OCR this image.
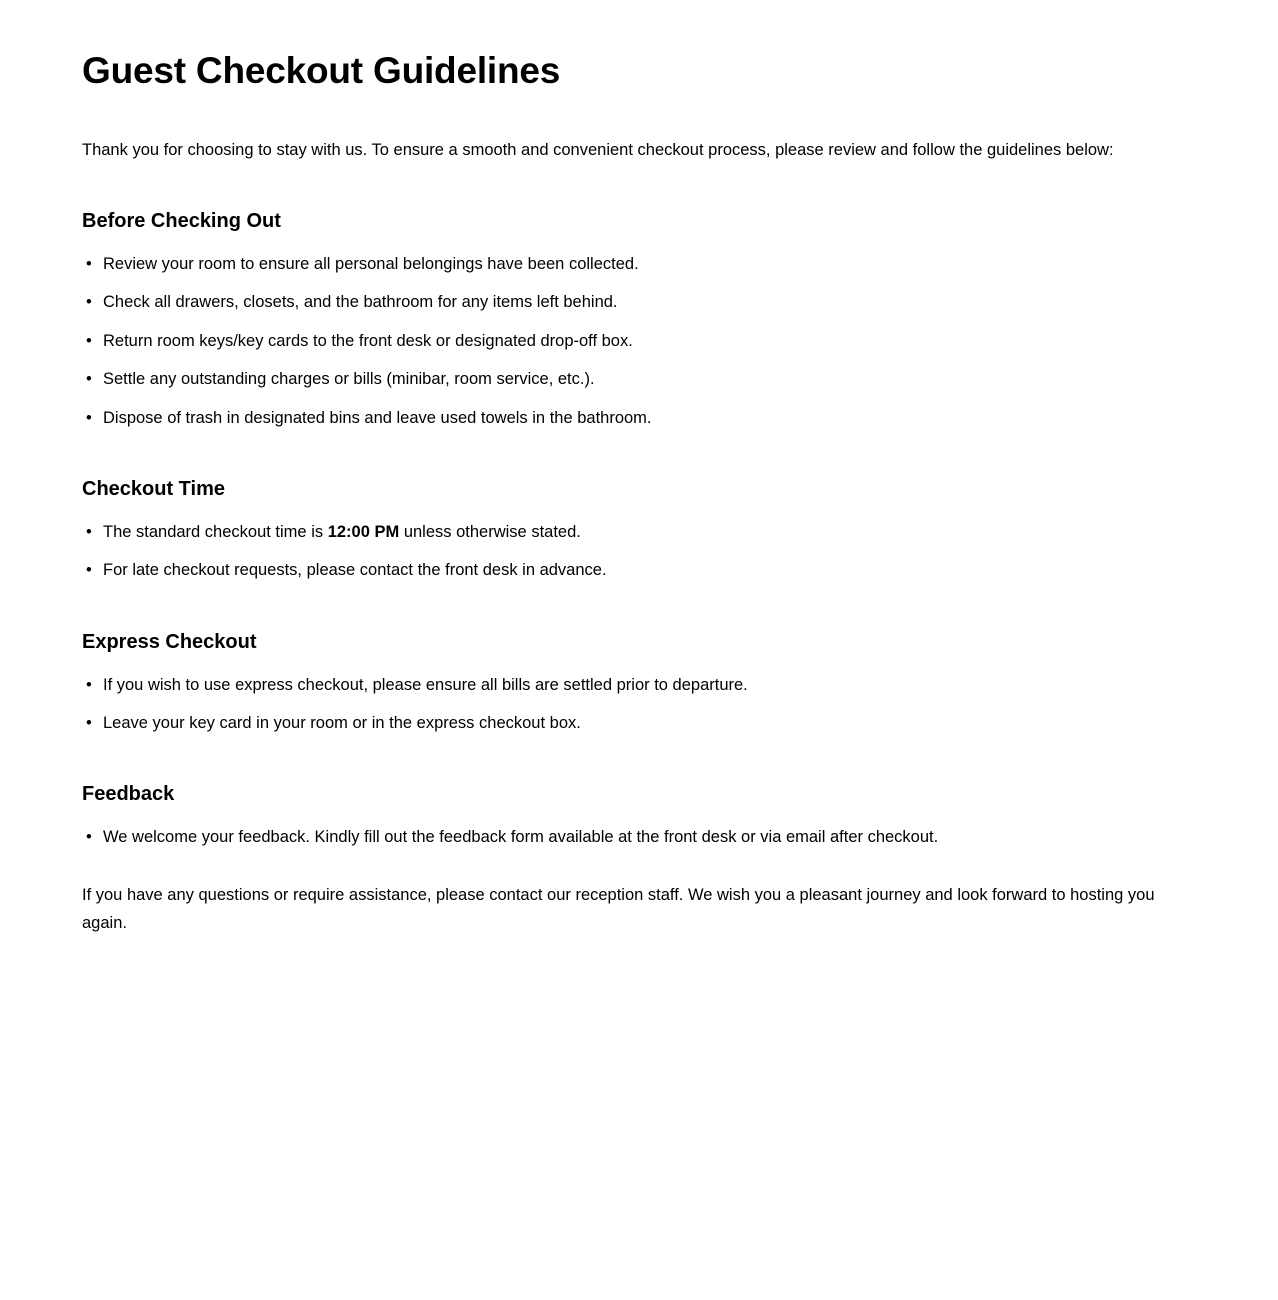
Guest Checkout Guidelines

Thank you for choosing to stay with us. To ensure a smooth and convenient checkout process, please review and follow the guidelines below:

Before Checking Out
• Review your room to ensure all personal belongings have been collected.
• Check all drawers, closets, and the bathroom for any items left behind.
• Return room keys/key cards to the front desk or designated drop-off box.
• Settle any outstanding charges or bills (minibar, room service, etc.).
• Dispose of trash in designated bins and leave used towels in the bathroom.
Checkout Time
• The standard checkout time is 12:00 PM unless otherwise stated.
• For late checkout requests, please contact the front desk in advance.
Express Checkout
• If you wish to use express checkout, please ensure all bills are settled prior to departure.
• Leave your key card in your room or in the express checkout box.
Feedback
• We welcome your feedback. Kindly fill out the feedback form available at the front desk or via email after checkout.

If you have any questions or require assistance, please contact our reception staff. We wish you a pleasant journey and look forward to hosting you again.
